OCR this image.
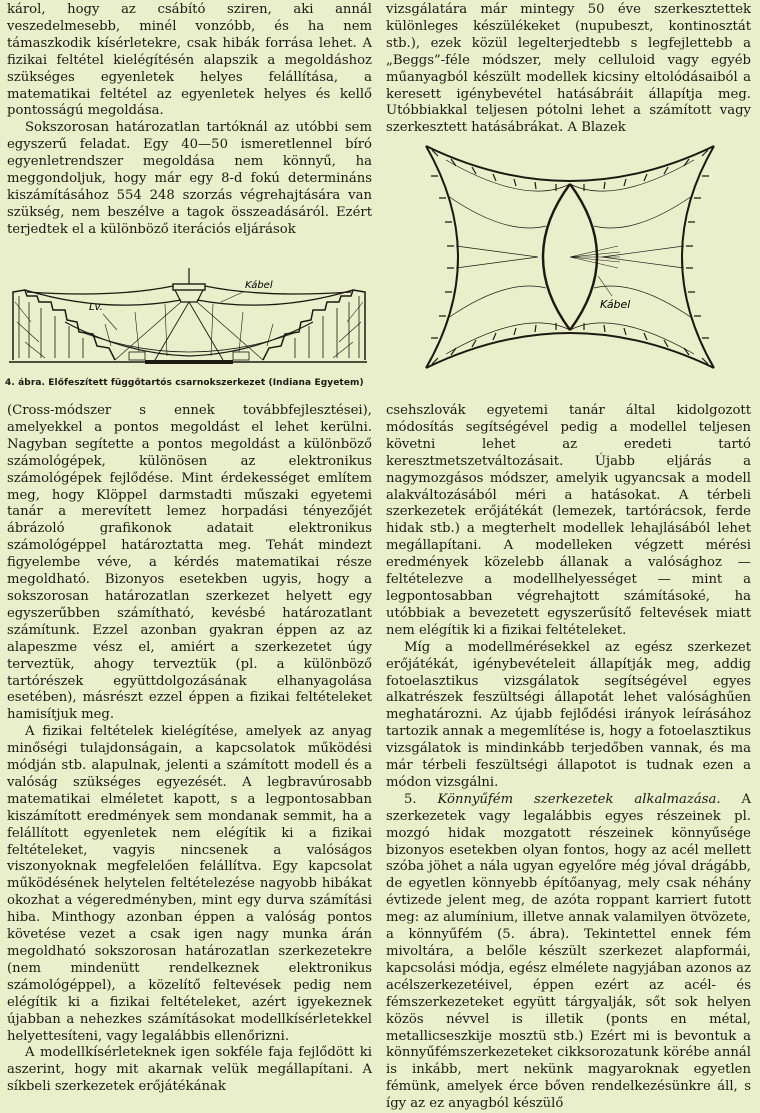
károl, hogy az csábító sziren, aki annál veszedelmesebb, minél vonzóbb, és ha nem támaszkodik kísérletekre, csak hibák forrása lehet. A fizikai feltétel kielégítésén alapszik a megoldáshoz szükséges egyenletek helyes felállítása, a matematikai feltétel az egyenletek helyes és kellő pontosságú megoldása.

Sokszorosan határozatlan tartóknál az utóbbi sem egyszerű feladat. Egy 40—50 ismeretlennel bíró egyenletrendszer megoldása nem könnyű, ha meggondoljuk, hogy már egy 8-d fokú determináns kiszámításához 554 248 szorzás végrehajtására van szükség, nem beszélve a tagok összeadásáról. Ezért terjedtek el a különböző iterációs eljárások

vizsgálatára már mintegy 50 éve szerkesztettek különleges készülékeket (nupubeszt, kontinosztát stb.), ezek közül legelterjedtebb s legfejlettebb a „Beggs”-féle módszer, mely celluloid vagy egyéb műanyagból készült modellek kicsiny eltolódásaiból a keresett igénybevétel hatásábráit állapítja meg. Utóbbiakkal teljesen pótolni lehet a számított vagy szerkesztett hatásábrákat. A Blazek

Kábel
Lv.
4. ábra. Előfeszített függőtartós csarnokszerkezet (Indiana Egyetem)
Kábel

(Cross-módszer s ennek továbbfejlesztései), amelyekkel a pontos megoldást el lehet kerülni. Nagyban segítette a pontos megoldást a különböző számológépek, különösen az elektronikus számológépek fejlődése. Mint érdekességet említem meg, hogy Klöppel darmstadti műszaki egyetemi tanár a merevített lemez horpadási tényezőjét ábrázoló grafikonok adatait elektronikus számológéppel határoztatta meg. Tehát mindezt figyelembe véve, a kérdés matematikai része megoldható. Bizonyos esetekben ugyis, hogy a sokszorosan határozatlan szerkezet helyett egy egyszerűbben számítható, kevésbé határozatlant számítunk. Ezzel azonban gyakran éppen az az alapeszme vész el, amiért a szerkezetet úgy terveztük, ahogy terveztük (pl. a különböző tartórészek együttdolgozásának elhanyagolása esetében), másrészt ezzel éppen a fizikai feltételeket hamisítjuk meg.

A fizikai feltételek kielégítése, amelyek az anyag minőségi tulajdonságain, a kapcsolatok működési módján stb. alapulnak, jelenti a számított modell és a valóság szükséges egyezését. A legbravúrosabb matematikai elméletet kapott, s a legpontosabban kiszámított eredmények sem mondanak semmit, ha a felállított egyenletek nem elégítik ki a fizikai feltételeket, vagyis nincsenek a valóságos viszonyoknak megfelelően felállítva. Egy kapcsolat működésének helytelen feltételezése nagyobb hibákat okozhat a végeredményben, mint egy durva számítási hiba. Minthogy azonban éppen a valóság pontos követése vezet a csak igen nagy munka árán megoldható sokszorosan határozatlan szerkezetekre (nem mindenütt rendelkeznek elektronikus számológéppel), a közelítő feltevések pedig nem elégítik ki a fizikai feltételeket, azért igyekeznek újabban a nehezkes számításokat modellkísérletekkel helyettesíteni, vagy legalábbis ellenőrizni.

A modellkísérleteknek igen sokféle faja fejlődött ki aszerint, hogy mit akarnak velük megállapítani. A síkbeli szerkezetek erőjátékának

csehszlovák egyetemi tanár által kidolgozott módosítás segítségével pedig a modellel teljesen követni lehet az eredeti tartó keresztmetszetváltozásait. Újabb eljárás a nagymozgásos módszer, amelyik ugyancsak a modell alakváltozásából méri a hatásokat. A térbeli szerkezetek erőjátékát (lemezek, tartórácsok, ferde hidak stb.) a megterhelt modellek lehajlásából lehet megállapítani. A modelleken végzett mérési eredmények közelebb állanak a valósághoz — feltételezve a modellhelyességet — mint a legpontosabban végrehajtott számításoké, ha utóbbiak a bevezetett egyszerűsítő feltevések miatt nem elégítik ki a fizikai feltételeket.

Míg a modellmérésekkel az egész szerkezet erőjátékát, igénybevételeit állapítják meg, addig fotoelasztikus vizsgálatok segítségével egyes alkatrészek feszültségi állapotát lehet valósághűen meghatározni. Az újabb fejlődési irányok leírásához tartozik annak a megemlítése is, hogy a fotoelasztikus vizsgálatok is mindinkább terjedőben vannak, és ma már térbeli feszültségi állapotot is tudnak ezen a módon vizsgálni.

5. Könnyűfém szerkezetek alkalmazása. A szerkezetek vagy legalábbis egyes részeinek pl. mozgó hidak mozgatott részeinek könnyűsége bizonyos esetekben olyan fontos, hogy az acél mellett szóba jöhet a nála ugyan egyelőre még jóval drágább, de egyetlen könnyebb építőanyag, mely csak néhány évtizede jelent meg, de azóta roppant karriert futott meg: az alumínium, illetve annak valamilyen ötvözete, a könnyűfém (5. ábra). Tekintettel ennek fém mivoltára, a belőle készült szerkezet alapformái, kapcsolási módja, egész elmélete nagyjában azonos az acélszerkezetéivel, éppen ezért az acél- és fémszerkezeteket együtt tárgyalják, sőt sok helyen közös névvel is illetik (ponts en métal, metallicseszkije mosztü stb.) Ezért mi is bevontuk a könnyűfémszerkezeteket cikksorozatunk körébe annál is inkább, mert nekünk magyaroknak egyetlen fémünk, amelyek érce bőven rendelkezésünkre áll, s így az ez anyagból készülő
